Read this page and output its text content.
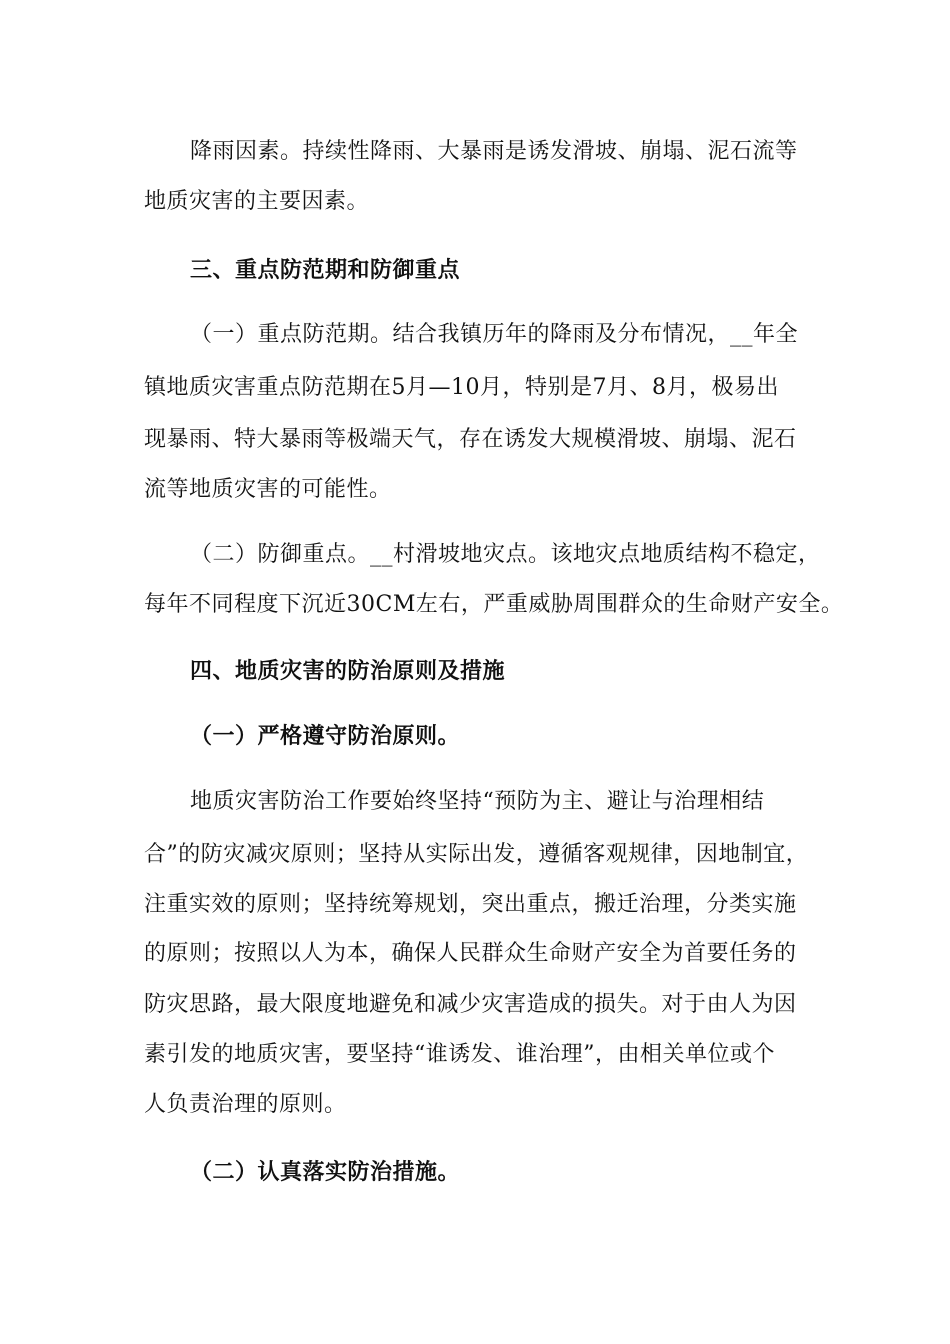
降雨因素。持续性降雨、大暴雨是诱发滑坡、崩塌、泥石流等
地质灾害的主要因素。
三、重点防范期和防御重点
（一）重点防范期。结合我镇历年的降雨及分布情况，__年全
镇地质灾害重点防范期在5月—10月，特别是7月、8月，极易出
现暴雨、特大暴雨等极端天气，存在诱发大规模滑坡、崩塌、泥石
流等地质灾害的可能性。
（二）防御重点。__村滑坡地灾点。该地灾点地质结构不稳定，
每年不同程度下沉近30CM左右，严重威胁周围群众的生命财产安全。
四、地质灾害的防治原则及措施
（一）严格遵守防治原则。
地质灾害防治工作要始终坚持“预防为主、避让与治理相结
合”的防灾减灾原则；坚持从实际出发，遵循客观规律，因地制宜，
注重实效的原则；坚持统筹规划，突出重点，搬迁治理，分类实施
的原则；按照以人为本，确保人民群众生命财产安全为首要任务的
防灾思路，最大限度地避免和减少灾害造成的损失。对于由人为因
素引发的地质灾害，要坚持“谁诱发、谁治理”，由相关单位或个
人负责治理的原则。
（二）认真落实防治措施。
